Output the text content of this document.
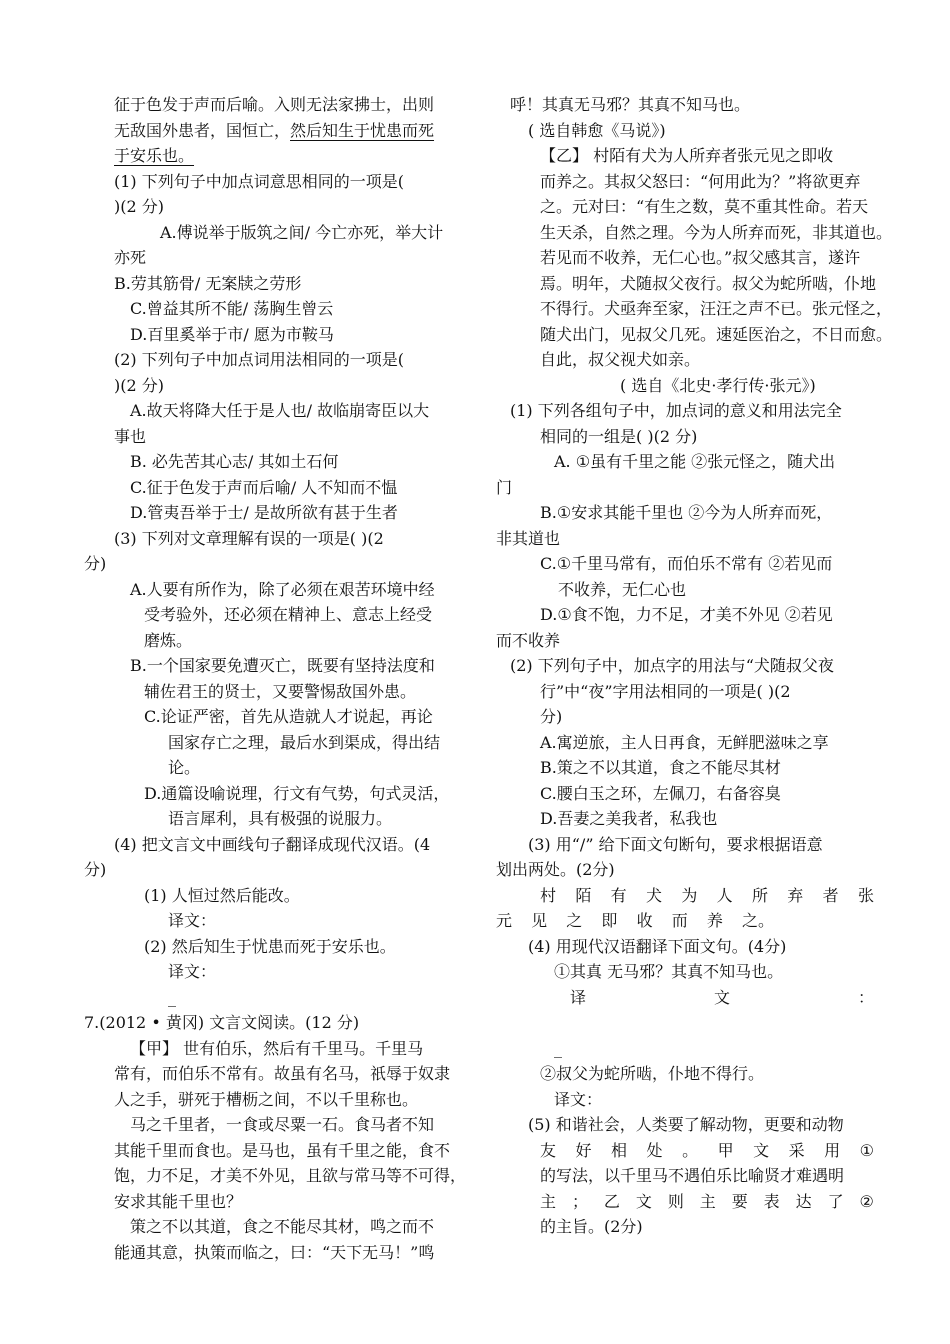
征于色发于声而后喻。入则无法家拂士，出则
无敌国外患者，国恒亡，然后知生于忧患而死
于安乐也。
(1) 下列句子中加点词意思相同的一项是(
)(2 分)
A.傅说举于版筑之间/ 今亡亦死，举大计
亦死
B.劳其筋骨/ 无案牍之劳形
C.曾益其所不能/ 荡胸生曾云
D.百里奚举于市/ 愿为市鞍马
(2) 下列句子中加点词用法相同的一项是(
)(2 分)
A.故天将降大任于是人也/ 故临崩寄臣以大
事也
B. 必先苦其心志/ 其如土石何
C.征于色发于声而后喻/ 人不知而不愠
D.管夷吾举于士/ 是故所欲有甚于生者
(3) 下列对文章理解有误的一项是( )(2
分)
A.人要有所作为，除了必须在艰苦环境中经
受考验外，还必须在精神上、意志上经受
磨炼。
B.一个国家要免遭灭亡，既要有坚持法度和
辅佐君王的贤士，又要警惕敌国外患。
C.论证严密，首先从造就人才说起，再论
国家存亡之理，最后水到渠成，得出结
论。
D.通篇设喻说理，行文有气势，句式灵活，
语言犀利，具有极强的说服力。
(4) 把文言文中画线句子翻译成现代汉语。(4
分)
(1) 人恒过然后能改。
译文：
(2) 然后知生于忧患而死于安乐也。
译文：
_
7.(2012 • 黄冈) 文言文阅读。(12 分)
【甲】 世有伯乐，然后有千里马。千里马
常有，而伯乐不常有。故虽有名马，祇辱于奴隶
人之手，骈死于槽枥之间，不以千里称也。
马之千里者，一食或尽粟一石。食马者不知
其能千里而食也。是马也，虽有千里之能，食不
饱，力不足，才美不外见，且欲与常马等不可得，
安求其能千里也？
策之不以其道，食之不能尽其材，鸣之而不
能通其意，执策而临之，曰：“天下无马！”鸣
呼！其真无马邪？其真不知马也。
( 选自韩愈《马说》)
【乙】 村陌有犬为人所弃者张元见之即收
而养之。其叔父怒曰：“何用此为？”将欲更弃
之。元对曰：“有生之数，莫不重其性命。若天
生天杀，自然之理。今为人所弃而死，非其道也。
若见而不收养，无仁心也。”叔父感其言，遂许
焉。明年，犬随叔父夜行。叔父为蛇所啮，仆地
不得行。犬亟奔至家，汪汪之声不已。张元怪之，
随犬出门，见叔父几死。速延医治之，不日而愈。
自此，叔父视犬如亲。
( 选自《北史·孝行传·张元》)
(1) 下列各组句子中，加点词的意义和用法完全
相同的一组是( )(2 分)
A. ①虽有千里之能 ②张元怪之，随犬出
门
B.①安求其能千里也 ②今为人所弃而死，
非其道也
C.①千里马常有，而伯乐不常有 ②若见而
不收养，无仁心也
D.①食不饱，力不足，才美不外见 ②若见
而不收养
(2) 下列句子中，加点字的用法与“犬随叔父夜
行”中“夜”字用法相同的一项是( )(2
分)
A.寓逆旅，主人日再食，无鲜肥滋味之享
B.策之不以其道，食之不能尽其材
C.腰白玉之环，左佩刀，右备容臭
D.吾妻之美我者，私我也
(3) 用“/” 给下面文句断句，要求根据语意
划出两处。(2分)
村 陌 有 犬 为 人 所 弃 者 张
元 见 之 即 收 而 养 之。
(4) 用现代汉语翻译下面文句。(4分)
①其真 无马邪？其真不知马也。
译	文	：
_
②叔父为蛇所啮，仆地不得行。
译文：
(5) 和谐社会，人类要了解动物，更要和动物
友 好 相 处 。 甲 文 采 用 ①
的写法，以千里马不遇伯乐比喻贤才难遇明
主 ； 乙 文 则 主 要 表 达 了 ②
的主旨。(2分)
